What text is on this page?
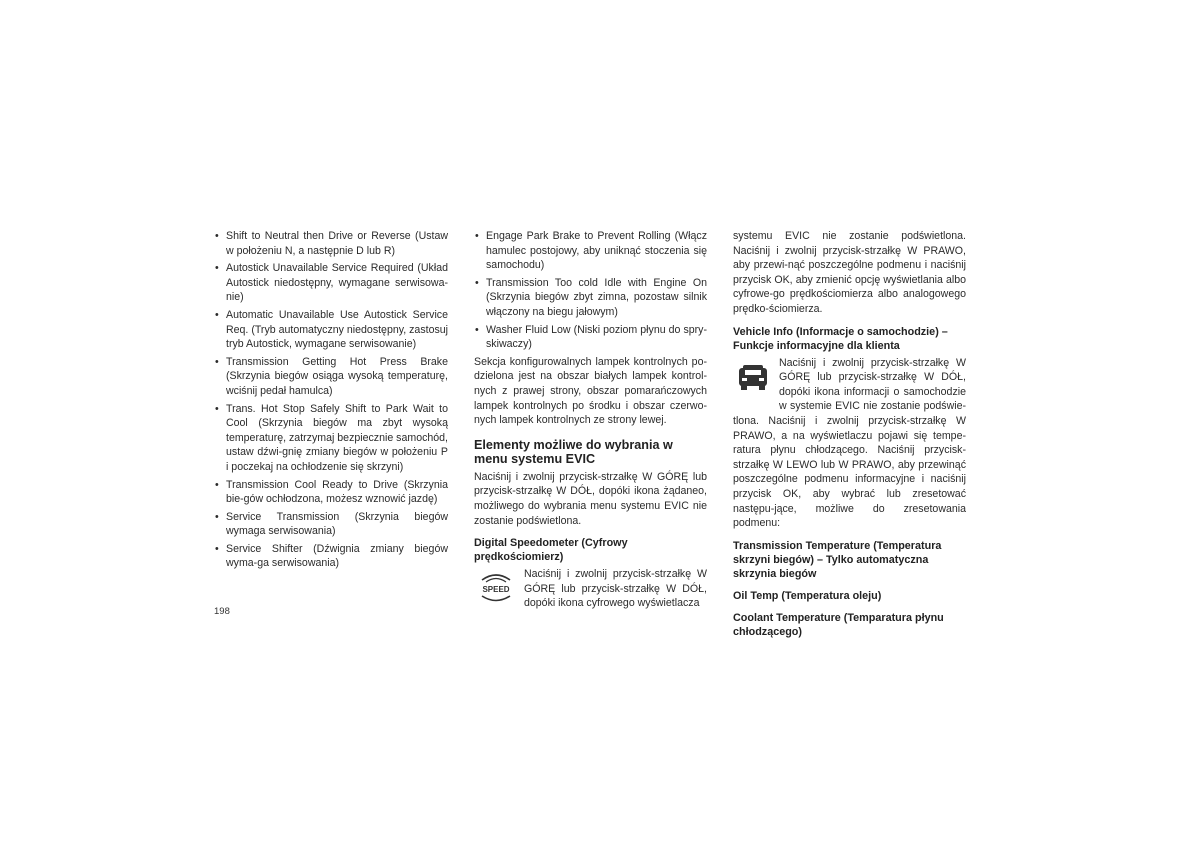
• Shift to Neutral then Drive or Reverse (Ustaw w położeniu N, a następnie D lub R)
• Autostick Unavailable Service Required (Układ Autostick niedostępny, wymagane serwisowa-nie)
• Automatic Unavailable Use Autostick Service Req. (Tryb automatyczny niedostępny, zastosuj tryb Autostick, wymagane serwisowanie)
• Transmission Getting Hot Press Brake (Skrzynia biegów osiąga wysoką temperaturę, wciśnij pedał hamulca)
• Trans. Hot Stop Safely Shift to Park Wait to Cool (Skrzynia biegów ma zbyt wysoką temperaturę, zatrzymaj bezpiecznie samochód, ustaw dźwi-gnię zmiany biegów w położeniu P i poczekaj na ochłodzenie się skrzyni)
• Transmission Cool Ready to Drive (Skrzynia bie-gów ochłodzona, możesz wznowić jazdę)
• Service Transmission (Skrzynia biegów wymaga serwisowania)
• Service Shifter (Dźwignia zmiany biegów wyma-ga serwisowania)
• Engage Park Brake to Prevent Rolling (Włącz hamulec postojowy, aby uniknąć stoczenia się samochodu)
• Transmission Too cold Idle with Engine On (Skrzynia biegów zbyt zimna, pozostaw silnik włączony na biegu jałowym)
• Washer Fluid Low (Niski poziom płynu do spry-skiwaczy)

Sekcja konfigurowalnych lampek kontrolnych po-dzielona jest na obszar białych lampek kontrol-nych z prawej strony, obszar pomarańczowych lampek kontrolnych po środku i obszar czerwo-nych lampek kontrolnych ze strony lewej.

Elementy możliwe do wybrania w menu systemu EVIC

Naciśnij i zwolnij przycisk-strzałkę W GÓRĘ lub przycisk-strzałkę W DÓŁ, dopóki ikona żądaneo, możliwego do wybrania menu systemu EVIC nie zostanie podświetlona.

Digital Speedometer (Cyfrowy prędkościomierz)
SPEED
Naciśnij i zwolnij przycisk-strzałkę W GÓRĘ lub przycisk-strzałkę W DÓŁ, dopóki ikona cyfrowego wyświetlacza

systemu EVIC nie zostanie podświetlona. Naciśnij i zwolnij przycisk-strzałkę W PRAWO, aby przewi-nąć poszczególne podmenu i naciśnij przycisk OK, aby zmienić opcję wyświetlania albo cyfrowe-go prędkościomierza albo analogowego prędko-ściomierza.

Vehicle Info (Informacje o samochodzie) – Funkcje informacyjne dla klienta
Naciśnij i zwolnij przycisk-strzałkę W GÓRĘ lub przycisk-strzałkę W DÓŁ, dopóki ikona informacji o samochodzie w systemie EVIC nie zostanie podświe-tlona. Naciśnij i zwolnij przycisk-strzałkę W PRAWO, a na wyświetlaczu pojawi się tempe-ratura płynu chłodzącego. Naciśnij przycisk-strzałkę W LEWO lub W PRAWO, aby przewinąć poszczególne podmenu informacyjne i naciśnij przycisk OK, aby wybrać lub zresetować następu-jące, możliwe do zresetowania podmenu:
Transmission Temperature (Temperatura skrzyni biegów) – Tylko automatyczna skrzynia biegów
Oil Temp (Temperatura oleju)
Coolant Temperature (Temparatura płynu chłodzącego)
198
